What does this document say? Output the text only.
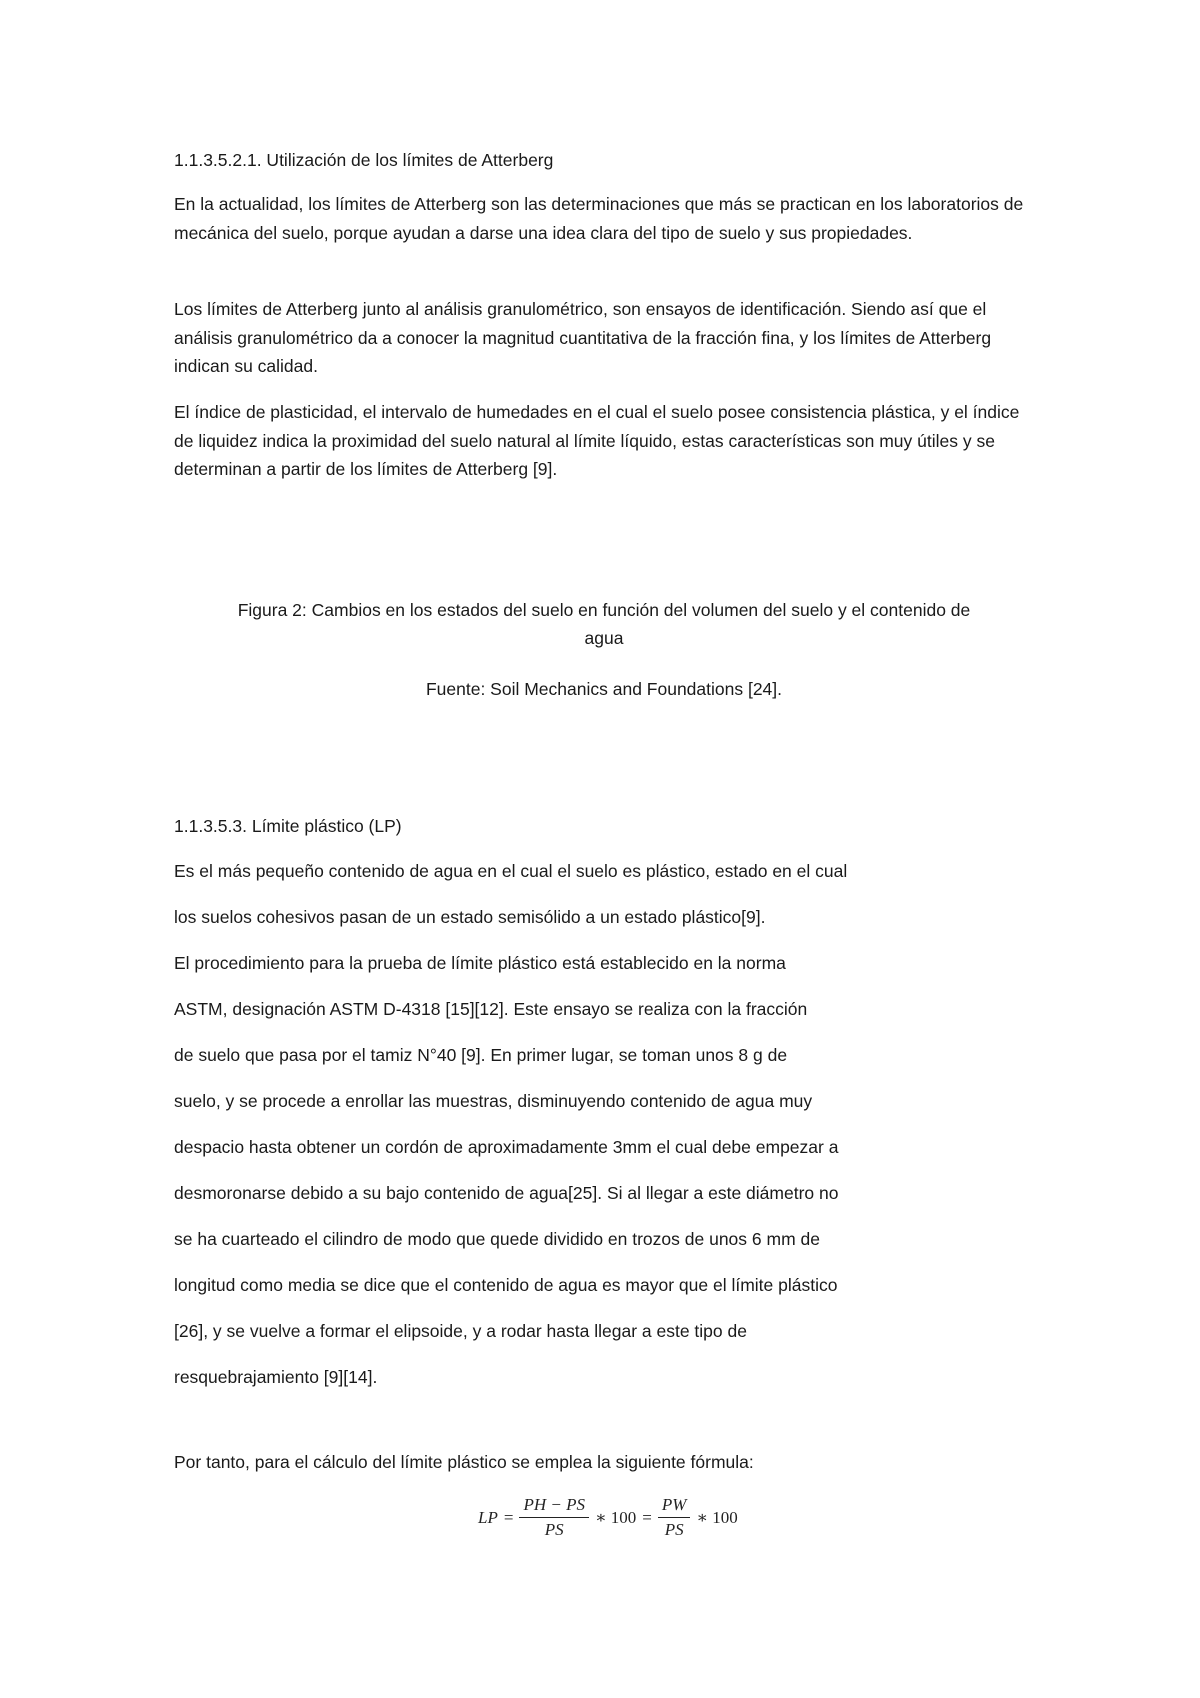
1.1.3.5.2.1. Utilización de los límites de Atterberg

En la actualidad, los límites de Atterberg son las determinaciones que más se practican en los laboratorios de mecánica del suelo, porque ayudan a darse una idea clara del tipo de suelo y sus propiedades.

Los límites de Atterberg junto al análisis granulométrico, son ensayos de identificación. Siendo así que el análisis granulométrico da a conocer la magnitud cuantitativa de la fracción fina, y los límites de Atterberg indican su calidad.

El índice de plasticidad, el intervalo de humedades en el cual el suelo posee consistencia plástica, y el índice de liquidez indica la proximidad del suelo natural al límite líquido, estas características son muy útiles y se determinan a partir de los límites de Atterberg [9].

Figura 2: Cambios en los estados del suelo en función del volumen del suelo y el contenido de
agua
Fuente: Soil Mechanics and Foundations [24].
1.1.3.5.3. Límite plástico (LP)
Es el más pequeño contenido de agua en el cual el suelo es plástico, estado en el cual
los suelos cohesivos pasan de un estado semisólido a un estado plástico[9].
El procedimiento para la prueba de límite plástico está establecido en la norma
ASTM, designación ASTM D-4318 [15][12]. Este ensayo se realiza con la fracción
de suelo que pasa por el tamiz N°40 [9]. En primer lugar, se toman unos 8 g de
suelo, y se procede a enrollar las muestras, disminuyendo contenido de agua muy
despacio hasta obtener un cordón de aproximadamente 3mm el cual debe empezar a
desmoronarse debido a su bajo contenido de agua[25]. Si al llegar a este diámetro no
se ha cuarteado el cilindro de modo que quede dividido en trozos de unos 6 mm de
longitud como media se dice que el contenido de agua es mayor que el límite plástico
[26], y se vuelve a formar el elipsoide, y a rodar hasta llegar a este tipo de
resquebrajamiento [9][14].
Por tanto, para el cálculo del límite plástico se emplea la siguiente fórmula:
LP = $\frac{PH - PS}{PS}$ ∗ $100 = \frac{PW}{PS}$ ∗ 100
